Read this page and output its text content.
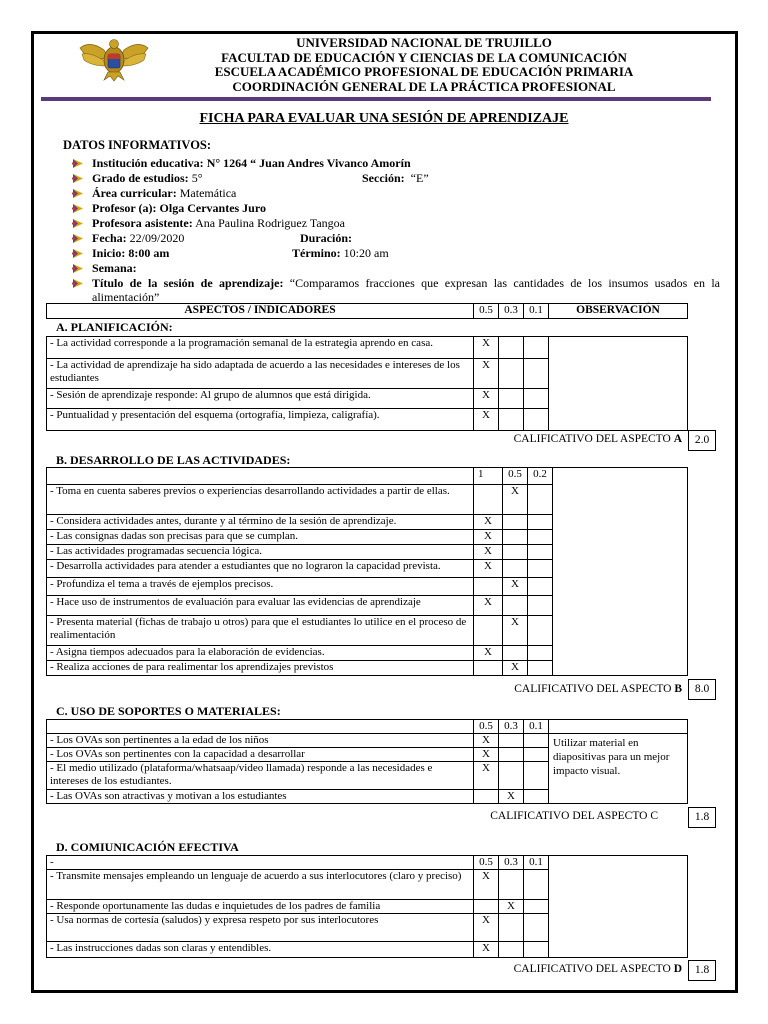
UNIVERSIDAD NACIONAL DE TRUJILLO
FACULTAD DE EDUCACIÓN Y CIENCIAS DE LA COMUNICACIÓN
ESCUELA ACADÉMICO PROFESIONAL DE EDUCACIÓN PRIMARIA
COORDINACIÓN GENERAL DE LA PRÁCTICA PROFESIONAL
FICHA PARA EVALUAR UNA SESIÓN DE APRENDIZAJE
DATOS INFORMATIVOS:
Institución educativa: N° 1264 “ Juan Andres Vivanco Amorín
Grado de estudios: 5°	Sección: “E”
Área curricular: Matemática
Profesor (a): Olga Cervantes Juro
Profesora asistente: Ana Paulina Rodriguez Tangoa
Fecha: 22/09/2020	Duración:
Inicio: 8:00 am	Término: 10:20 am
Semana:
Título de la sesión de aprendizaje: “Comparamos fracciones que expresan las cantidades de los insumos usados en la alimentación”
ASPECTOS / INDICADORES	0.5	0.3	0.1	OBSERVACIÓN
A. PLANIFICACIÓN:
- La actividad corresponde a la programación semanal de la estrategia aprendo en casa.	X			
- La actividad de aprendizaje ha sido adaptada de acuerdo a las necesidades e intereses de los estudiantes	X			
- Sesión de aprendizaje responde: Al grupo de alumnos que está dirigida.	X			
- Puntualidad y presentación del esquema (ortografía, limpieza, caligrafía).	X			
CALIFICATIVO DEL ASPECTO A	2.0
B. DESARROLLO DE LAS ACTIVIDADES:
	1	0.5	0.2	
- Toma en cuenta saberes previos o experiencias desarrollando actividades a partir de ellas.		X		
- Considera actividades antes, durante y al término de la sesión de aprendizaje.	X			
- Las consignas dadas son precisas para que se cumplan.	X			
- Las actividades programadas secuencia lógica.	X			
- Desarrolla actividades para atender a estudiantes que no lograron la capacidad prevista.	X			
- Profundiza el tema a través de ejemplos precisos.		X		
- Hace uso de instrumentos de evaluación para evaluar las evidencias de aprendizaje	X			
- Presenta material (fichas de trabajo u otros) para que el estudiantes lo utilice en el proceso de realimentación		X		
- Asigna tiempos adecuados para la elaboración de evidencias.	X			
- Realiza acciones de para realimentar los aprendizajes previstos		X		
CALIFICATIVO DEL ASPECTO B	8.0
C. USO DE SOPORTES O MATERIALES:
	0.5	0.3	0.1	
- Los OVAs son pertinentes a la edad de los niños	X			Utilizar material en diapositivas para un mejor impacto visual.
- Los OVAs son pertinentes con la capacidad a desarrollar	X			
- El medio utilizado (plataforma/whatsaap/video llamada) responde a las necesidades e intereses de los estudiantes.	X			
- Las OVAs son atractivas y motivan a los estudiantes		X		
CALIFICATIVO DEL ASPECTO C	1.8
D. COMIUNICACIÓN EFECTIVA
-	0.5	0.3	0.1	
- Transmite mensajes empleando un lenguaje de acuerdo a sus interlocutores (claro y preciso)	X			
- Responde oportunamente las dudas e inquietudes de los padres de familia		X		
- Usa normas de cortesía (saludos) y expresa respeto por sus interlocutores	X			
- Las instrucciones dadas son claras y entendibles.	X			
CALIFICATIVO DEL ASPECTO D	1.8
